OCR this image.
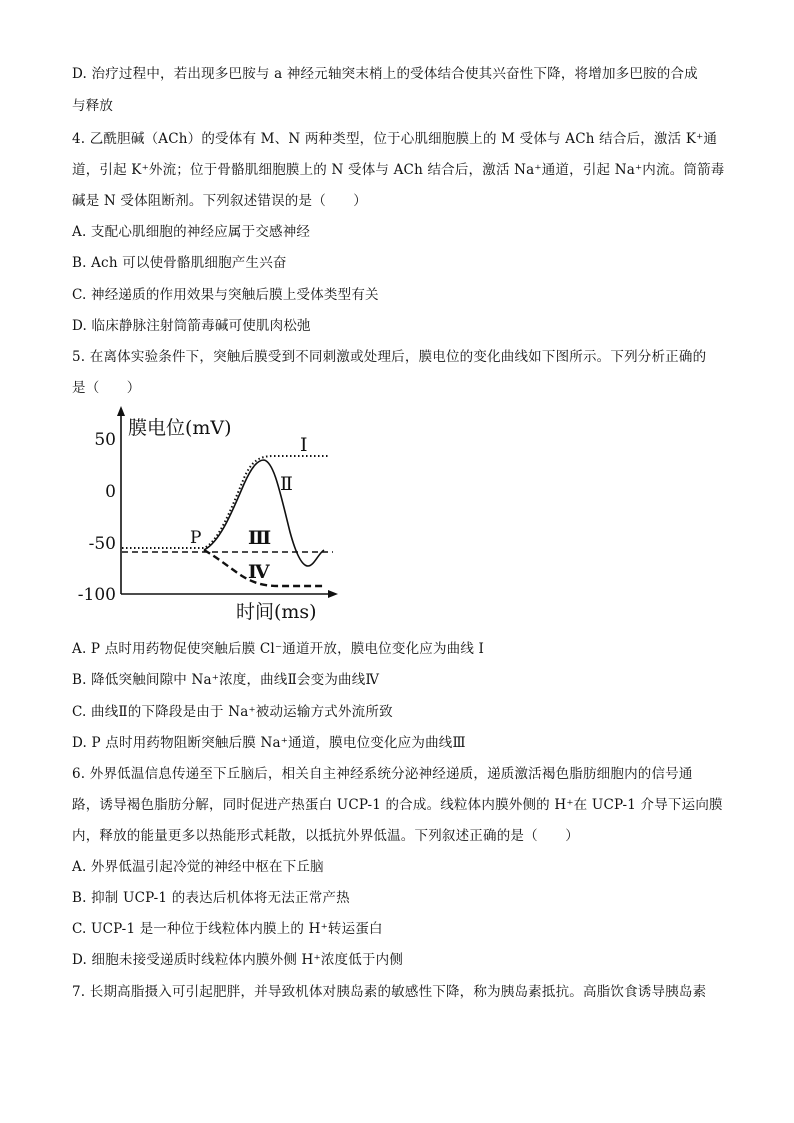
D. 治疗过程中，若出现多巴胺与 a 神经元轴突末梢上的受体结合使其兴奋性下降，将增加多巴胺的合成
与释放
4. 乙酰胆碱（ACh）的受体有 M、N 两种类型，位于心肌细胞膜上的 M 受体与 ACh 结合后，激活 K⁺通
道，引起 K⁺外流；位于骨骼肌细胞膜上的 N 受体与 ACh 结合后，激活 Na⁺通道，引起 Na⁺内流。筒箭毒
碱是 N 受体阻断剂。下列叙述错误的是（　　）
A. 支配心肌细胞的神经应属于交感神经
B. Ach 可以使骨骼肌细胞产生兴奋
C. 神经递质的作用效果与突触后膜上受体类型有关
D. 临床静脉注射筒箭毒碱可使肌肉松弛
5. 在离体实验条件下，突触后膜受到不同刺激或处理后，膜电位的变化曲线如下图所示。下列分析正确的
是（　　）
膜电位(mV)
时间(ms)
50
0
-50
-100
Ⅰ
Ⅱ
Ⅲ
Ⅳ
P
A. P 点时用药物促使突触后膜 Cl⁻通道开放，膜电位变化应为曲线 I
B. 降低突触间隙中 Na⁺浓度，曲线Ⅱ会变为曲线Ⅳ
C. 曲线Ⅱ的下降段是由于 Na⁺被动运输方式外流所致
D. P 点时用药物阻断突触后膜 Na⁺通道，膜电位变化应为曲线Ⅲ
6. 外界低温信息传递至下丘脑后，相关自主神经系统分泌神经递质，递质激活褐色脂肪细胞内的信号通
路，诱导褐色脂肪分解，同时促进产热蛋白 UCP-1 的合成。线粒体内膜外侧的 H⁺在 UCP-1 介导下运向膜
内，释放的能量更多以热能形式耗散，以抵抗外界低温。下列叙述正确的是（　　）
A. 外界低温引起冷觉的神经中枢在下丘脑
B. 抑制 UCP-1 的表达后机体将无法正常产热
C. UCP-1 是一种位于线粒体内膜上的 H⁺转运蛋白
D. 细胞未接受递质时线粒体内膜外侧 H⁺浓度低于内侧
7. 长期高脂摄入可引起肥胖，并导致机体对胰岛素的敏感性下降，称为胰岛素抵抗。高脂饮食诱导胰岛素
